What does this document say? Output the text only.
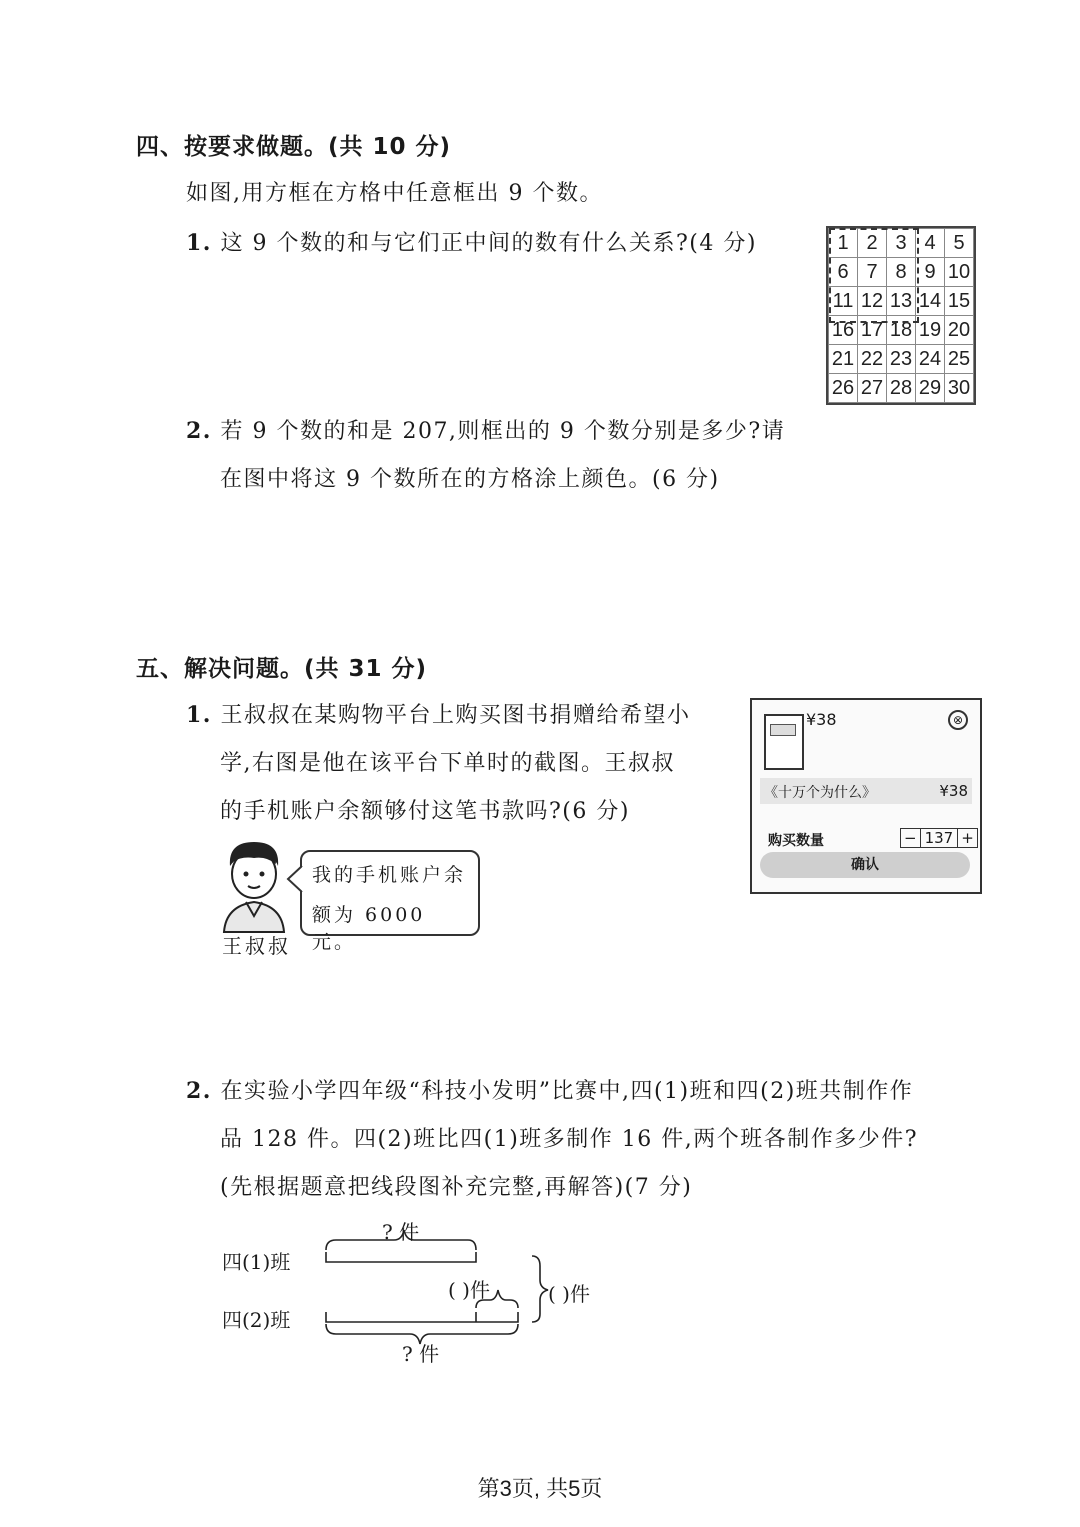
四、按要求做题。(共 10 分)
如图,用方框在方格中任意框出 9 个数。
1. 这 9 个数的和与它们正中间的数有什么关系?(4 分)	1	2	3	4	5
6	7	8	9	10
11	12	13	14	15
16	17	18	19	20
21	22	23	24	25
26	27	28	29	30
2. 若 9 个数的和是 207,则框出的 9 个数分别是多少?请
在图中将这 9 个数所在的方格涂上颜色。(6 分)
五、解决问题。(共 31 分)
1. 王叔叔在某购物平台上购买图书捐赠给希望小
学,右图是他在该平台下单时的截图。王叔叔
的手机账户余额够付这笔书款吗?(6 分)
¥38	⊗
《十万个为什么》	¥38
购买数量	− 137 +
确认
王叔叔
我的手机账户余
额为 6000 元。
2. 在实验小学四年级“科技小发明”比赛中,四(1)班和四(2)班共制作作
品 128 件。四(2)班比四(1)班多制作 16 件,两个班各制作多少件?
(先根据题意把线段图补充完整,再解答)(7 分)
四(1)班
四(2)班
? 件
? 件
( )件	( )件
第3页, 共5页
